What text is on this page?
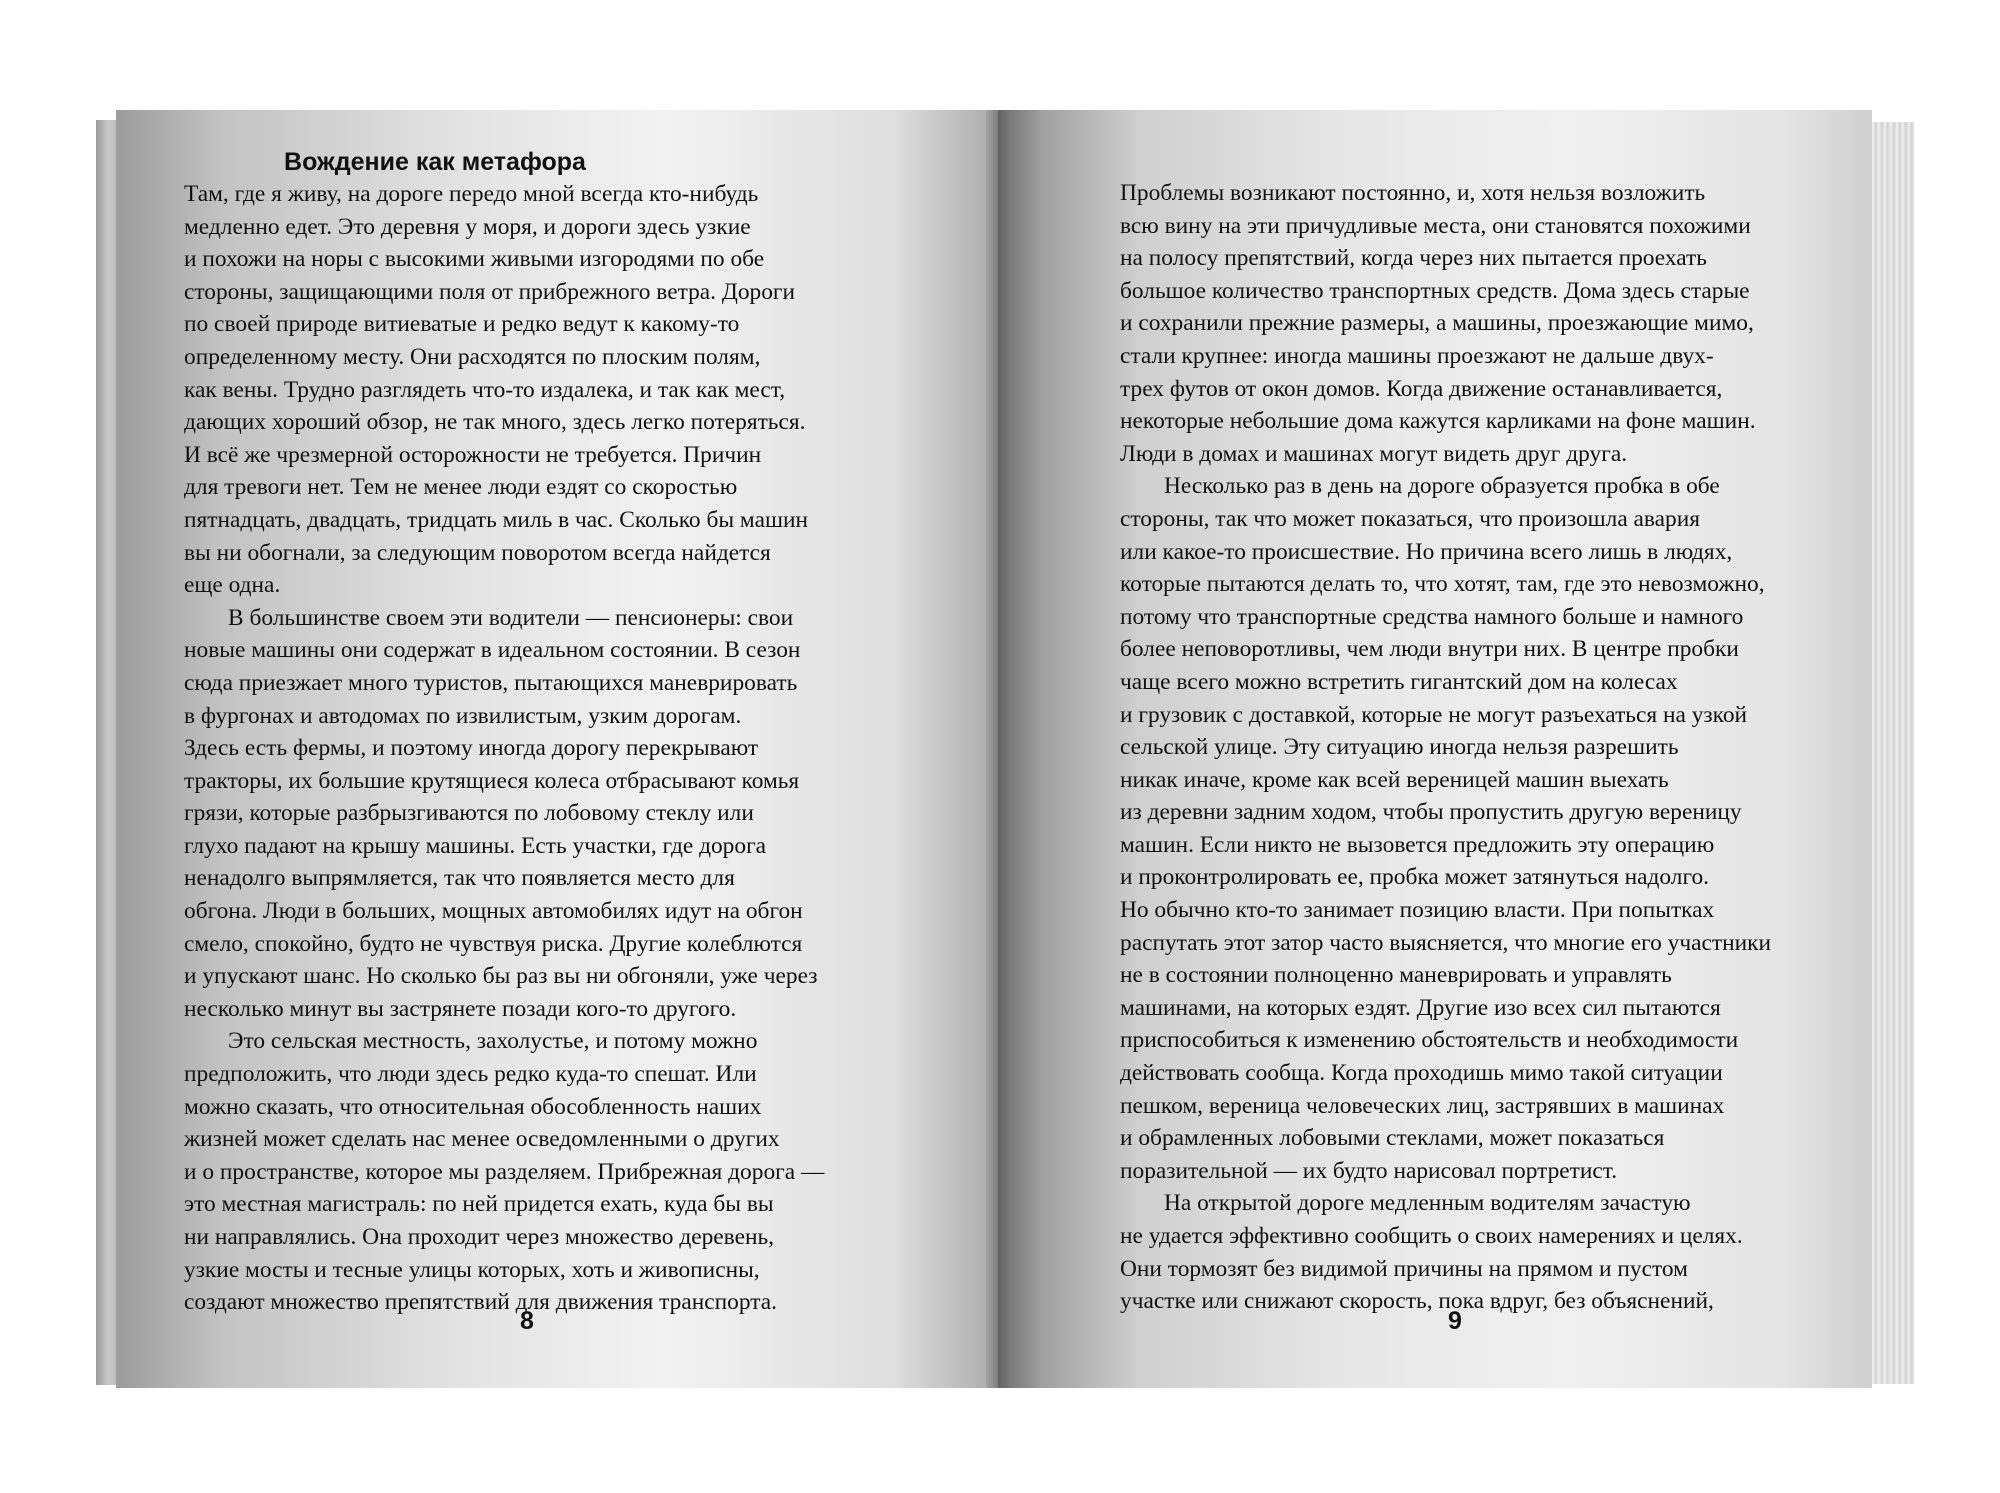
Вождение как метафора
Там, где я живу, на дороге передо мной всегда кто-нибудь
медленно едет. Это деревня у моря, и дороги здесь узкие
и похожи на норы с высокими живыми изгородями по обе
стороны, защищающими поля от прибрежного ветра. Дороги
по своей природе витиеватые и редко ведут к какому-то
определенному месту. Они расходятся по плоским полям,
как вены. Трудно разглядеть что-то издалека, и так как мест,
дающих хороший обзор, не так много, здесь легко потеряться.
И всё же чрезмерной осторожности не требуется. Причин
для тревоги нет. Тем не менее люди ездят со скоростью
пятнадцать, двадцать, тридцать миль в час. Сколько бы машин
вы ни обогнали, за следующим поворотом всегда найдется
еще одна.
В большинстве своем эти водители — пенсионеры: свои
новые машины они содержат в идеальном состоянии. В сезон
сюда приезжает много туристов, пытающихся маневрировать
в фургонах и автодомах по извилистым, узким дорогам.
Здесь есть фермы, и поэтому иногда дорогу перекрывают
тракторы, их большие крутящиеся колеса отбрасывают комья
грязи, которые разбрызгиваются по лобовому стеклу или
глухо падают на крышу машины. Есть участки, где дорога
ненадолго выпрямляется, так что появляется место для
обгона. Люди в больших, мощных автомобилях идут на обгон
смело, спокойно, будто не чувствуя риска. Другие колеблются
и упускают шанс. Но сколько бы раз вы ни обгоняли, уже через
несколько минут вы застрянете позади кого-то другого.
Это сельская местность, захолустье, и потому можно
предположить, что люди здесь редко куда-то спешат. Или
можно сказать, что относительная обособленность наших
жизней может сделать нас менее осведомленными о других
и о пространстве, которое мы разделяем. Прибрежная дорога —
это местная магистраль: по ней придется ехать, куда бы вы
ни направлялись. Она проходит через множество деревень,
узкие мосты и тесные улицы которых, хоть и живописны,
создают множество препятствий для движения транспорта.
8
Проблемы возникают постоянно, и, хотя нельзя возложить
всю вину на эти причудливые места, они становятся похожими
на полосу препятствий, когда через них пытается проехать
большое количество транспортных средств. Дома здесь старые
и сохранили прежние размеры, а машины, проезжающие мимо,
стали крупнее: иногда машины проезжают не дальше двух-
трех футов от окон домов. Когда движение останавливается,
некоторые небольшие дома кажутся карликами на фоне машин.
Люди в домах и машинах могут видеть друг друга.
Несколько раз в день на дороге образуется пробка в обе
стороны, так что может показаться, что произошла авария
или какое-то происшествие. Но причина всего лишь в людях,
которые пытаются делать то, что хотят, там, где это невозможно,
потому что транспортные средства намного больше и намного
более неповоротливы, чем люди внутри них. В центре пробки
чаще всего можно встретить гигантский дом на колесах
и грузовик с доставкой, которые не могут разъехаться на узкой
сельской улице. Эту ситуацию иногда нельзя разрешить
никак иначе, кроме как всей вереницей машин выехать
из деревни задним ходом, чтобы пропустить другую вереницу
машин. Если никто не вызовется предложить эту операцию
и проконтролировать ее, пробка может затянуться надолго.
Но обычно кто-то занимает позицию власти. При попытках
распутать этот затор часто выясняется, что многие его участники
не в состоянии полноценно маневрировать и управлять
машинами, на которых ездят. Другие изо всех сил пытаются
приспособиться к изменению обстоятельств и необходимости
действовать сообща. Когда проходишь мимо такой ситуации
пешком, вереница человеческих лиц, застрявших в машинах
и обрамленных лобовыми стеклами, может показаться
поразительной — их будто нарисовал портретист.
На открытой дороге медленным водителям зачастую
не удается эффективно сообщить о своих намерениях и целях.
Они тормозят без видимой причины на прямом и пустом
участке или снижают скорость, пока вдруг, без объяснений,
9
